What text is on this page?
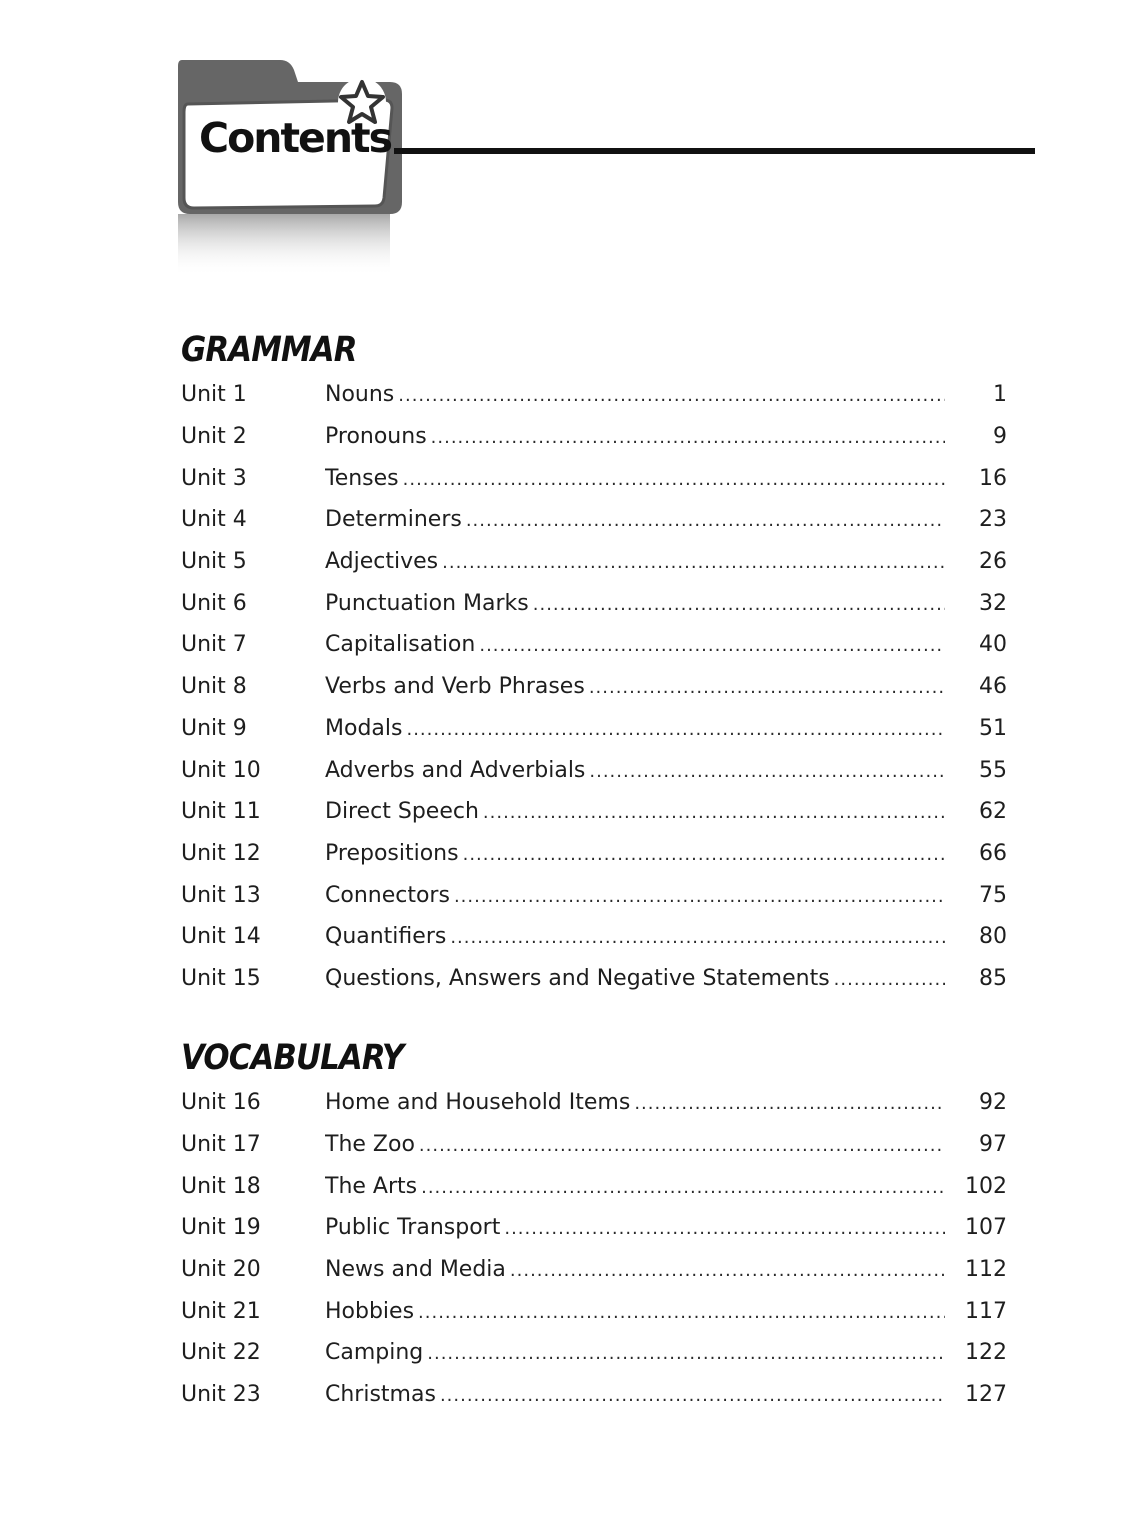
Contents
GRAMMAR
Unit 1	Nouns .....	1
Unit 2	Pronouns .....	9
Unit 3	Tenses .....	16
Unit 4	Determiners .....	23
Unit 5	Adjectives .....	26
Unit 6	Punctuation Marks .....	32
Unit 7	Capitalisation .....	40
Unit 8	Verbs and Verb Phrases .....	46
Unit 9	Modals .....	51
Unit 10	Adverbs and Adverbials .....	55
Unit 11	Direct Speech .....	62
Unit 12	Prepositions .....	66
Unit 13	Connectors .....	75
Unit 14	Quantifiers .....	80
Unit 15	Questions, Answers and Negative Statements .....	85
VOCABULARY
Unit 16	Home and Household Items .....	92
Unit 17	The Zoo .....	97
Unit 18	The Arts .....	102
Unit 19	Public Transport .....	107
Unit 20	News and Media .....	112
Unit 21	Hobbies .....	117
Unit 22	Camping .....	122
Unit 23	Christmas .....	127
